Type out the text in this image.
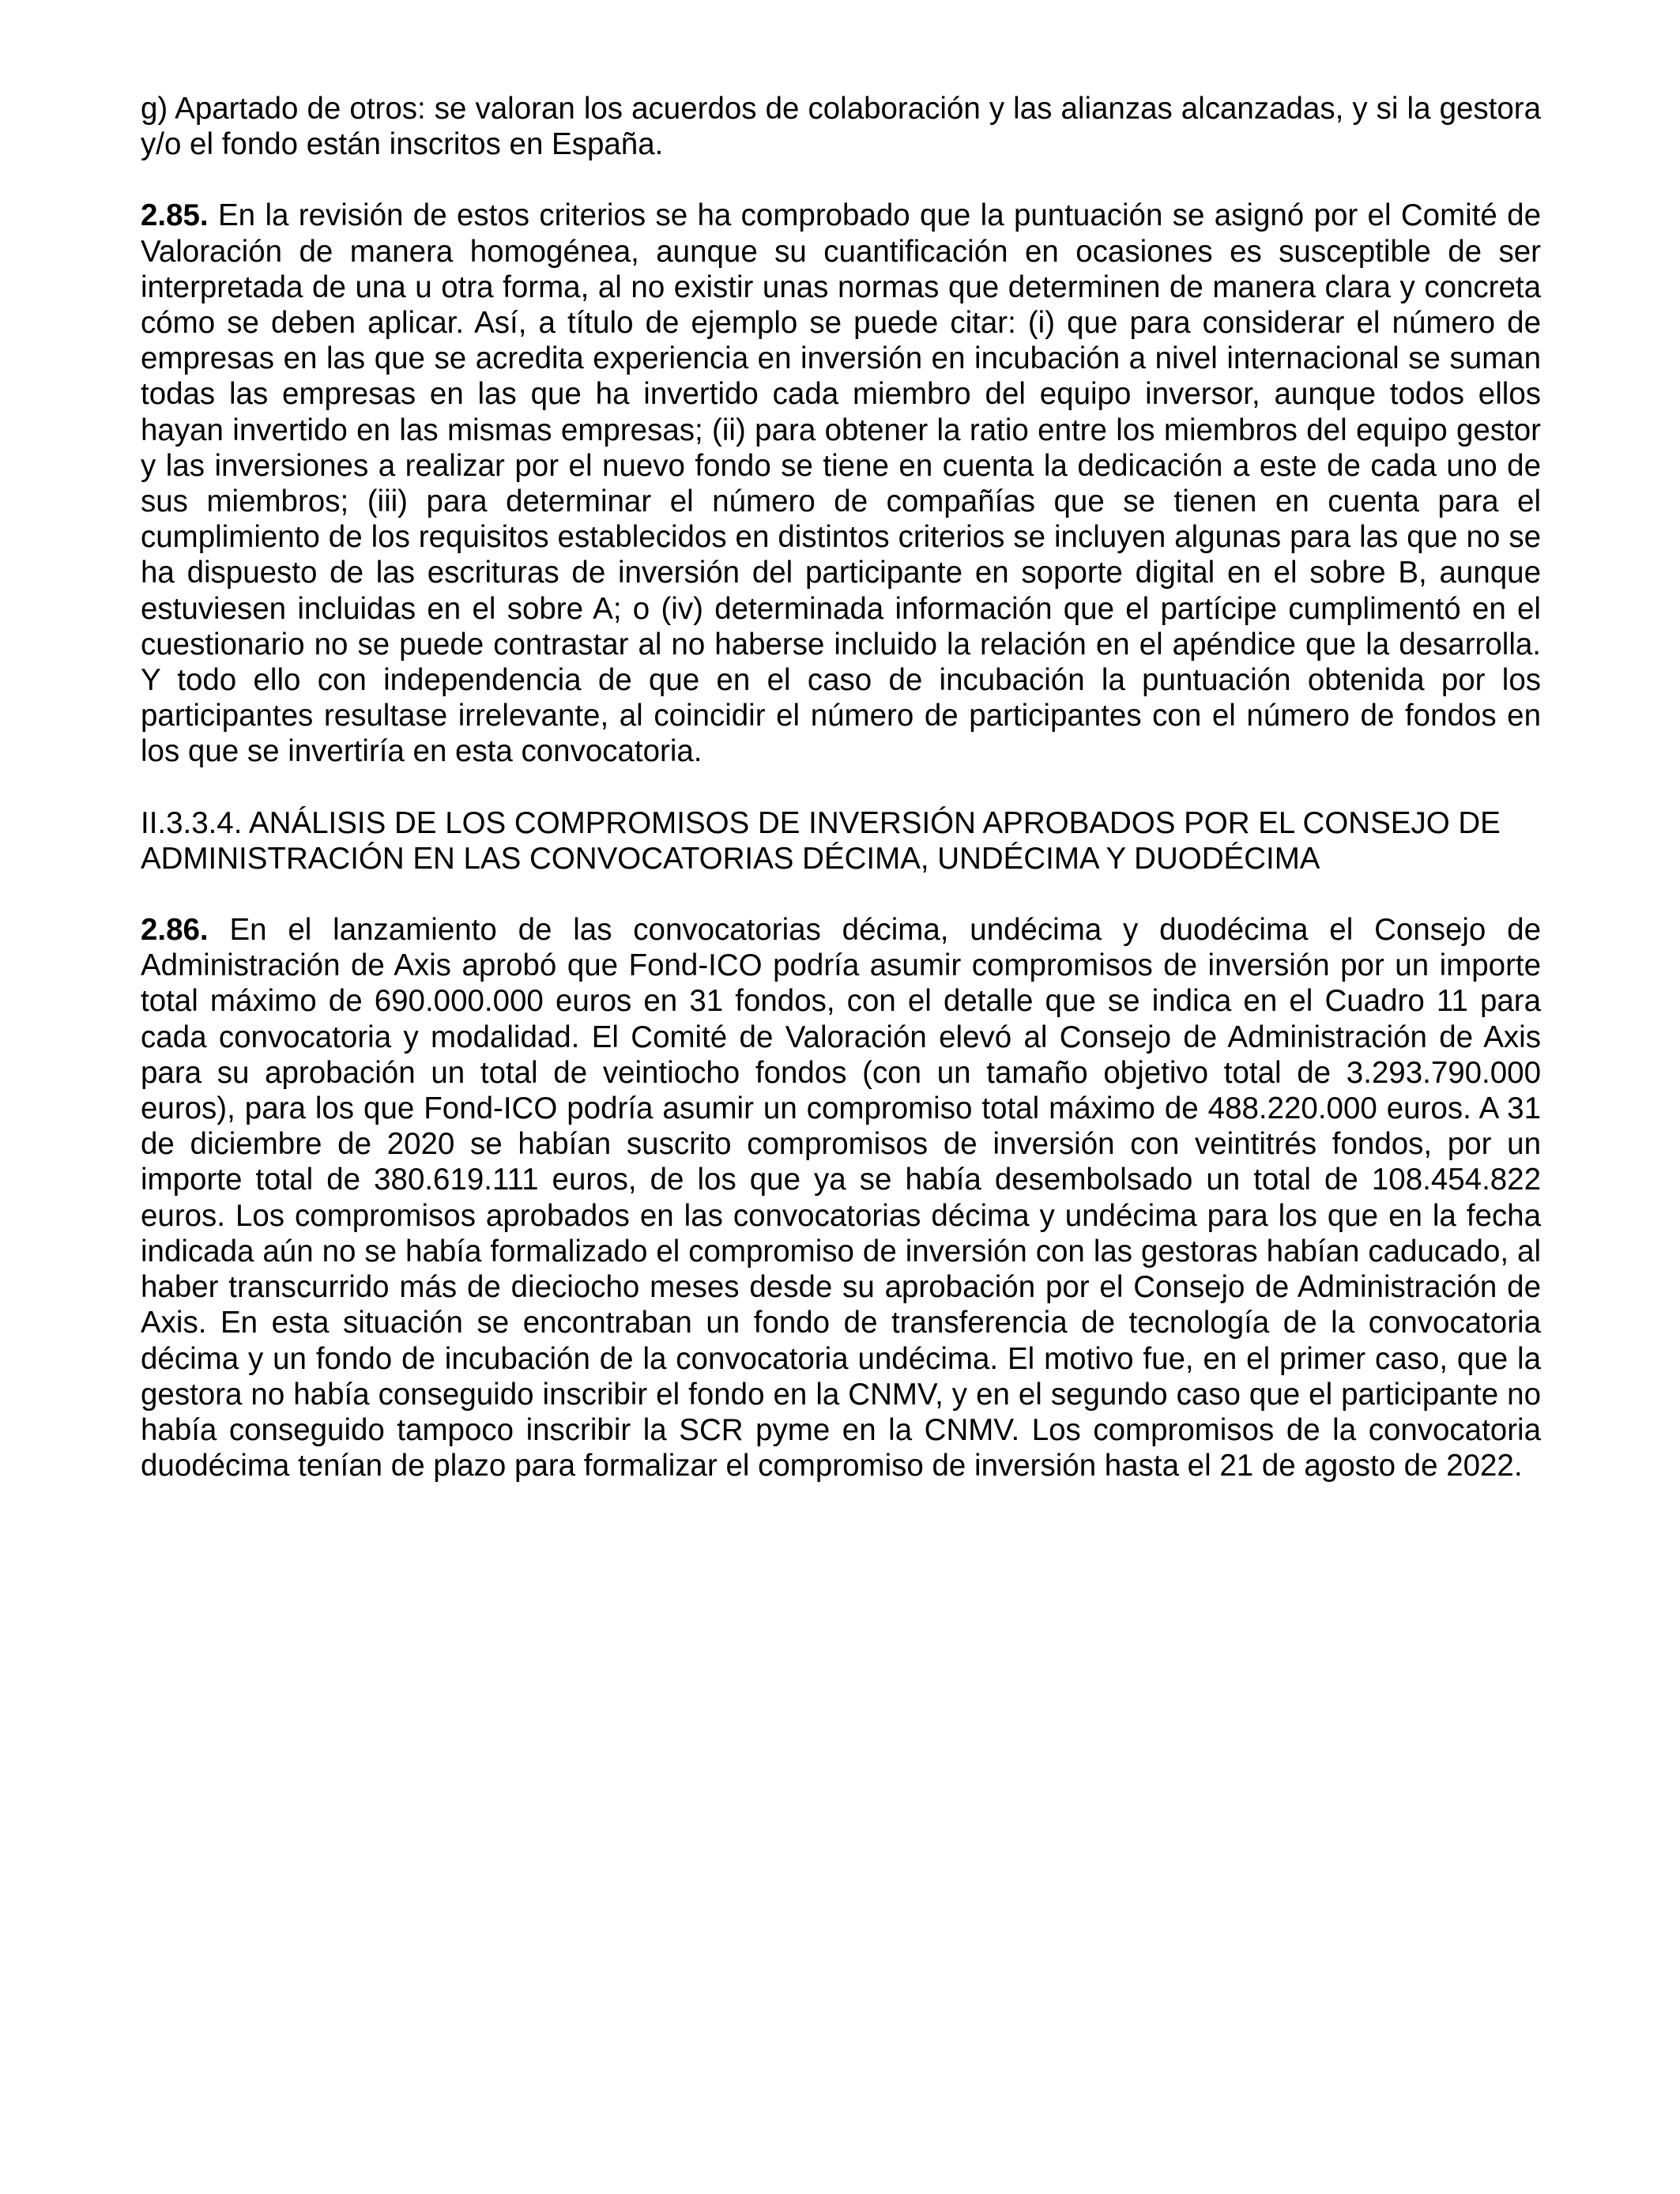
g) Apartado de otros: se valoran los acuerdos de colaboración y las alianzas alcanzadas, y si la gestora y/o el fondo están inscritos en España.

2.85. En la revisión de estos criterios se ha comprobado que la puntuación se asignó por el Comité de Valoración de manera homogénea, aunque su cuantificación en ocasiones es susceptible de ser interpretada de una u otra forma, al no existir unas normas que determinen de manera clara y concreta cómo se deben aplicar. Así, a título de ejemplo se puede citar: (i) que para considerar el número de empresas en las que se acredita experiencia en inversión en incubación a nivel internacional se suman todas las empresas en las que ha invertido cada miembro del equipo inversor, aunque todos ellos hayan invertido en las mismas empresas; (ii) para obtener la ratio entre los miembros del equipo gestor y las inversiones a realizar por el nuevo fondo se tiene en cuenta la dedicación a este de cada uno de sus miembros; (iii) para determinar el número de compañías que se tienen en cuenta para el cumplimiento de los requisitos establecidos en distintos criterios se incluyen algunas para las que no se ha dispuesto de las escrituras de inversión del participante en soporte digital en el sobre B, aunque estuviesen incluidas en el sobre A; o (iv) determinada información que el partícipe cumplimentó en el cuestionario no se puede contrastar al no haberse incluido la relación en el apéndice que la desarrolla. Y todo ello con independencia de que en el caso de incubación la puntuación obtenida por los participantes resultase irrelevante, al coincidir el número de participantes con el número de fondos en los que se invertiría en esta convocatoria.

II.3.3.4. ANÁLISIS DE LOS COMPROMISOS DE INVERSIÓN APROBADOS POR EL CONSEJO DE ADMINISTRACIÓN EN LAS CONVOCATORIAS DÉCIMA, UNDÉCIMA Y DUODÉCIMA

2.86. En el lanzamiento de las convocatorias décima, undécima y duodécima el Consejo de Administración de Axis aprobó que Fond-ICO podría asumir compromisos de inversión por un importe total máximo de 690.000.000 euros en 31 fondos, con el detalle que se indica en el Cuadro 11 para cada convocatoria y modalidad. El Comité de Valoración elevó al Consejo de Administración de Axis para su aprobación un total de veintiocho fondos (con un tamaño objetivo total de 3.293.790.000 euros), para los que Fond-ICO podría asumir un compromiso total máximo de 488.220.000 euros. A 31 de diciembre de 2020 se habían suscrito compromisos de inversión con veintitrés fondos, por un importe total de 380.619.111 euros, de los que ya se había desembolsado un total de 108.454.822 euros. Los compromisos aprobados en las convocatorias décima y undécima para los que en la fecha indicada aún no se había formalizado el compromiso de inversión con las gestoras habían caducado, al haber transcurrido más de dieciocho meses desde su aprobación por el Consejo de Administración de Axis. En esta situación se encontraban un fondo de transferencia de tecnología de la convocatoria décima y un fondo de incubación de la convocatoria undécima. El motivo fue, en el primer caso, que la gestora no había conseguido inscribir el fondo en la CNMV, y en el segundo caso que el participante no había conseguido tampoco inscribir la SCR pyme en la CNMV. Los compromisos de la convocatoria duodécima tenían de plazo para formalizar el compromiso de inversión hasta el 21 de agosto de 2022.
